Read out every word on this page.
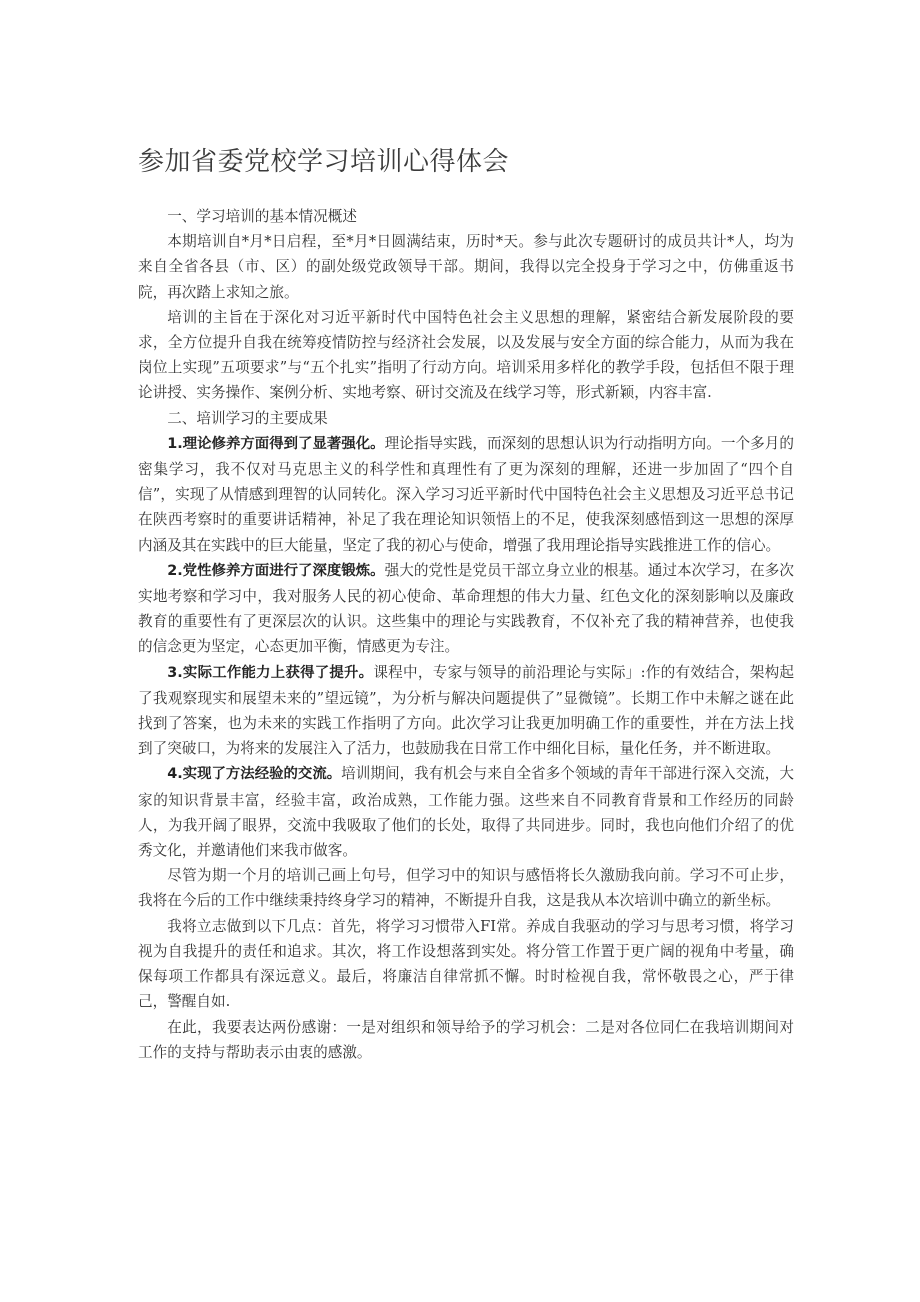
参加省委党校学习培训心得体会

一、学习培训的基本情况概述

本期培训自*月*日启程，至*月*日圆满结束，历时*天。参与此次专题研讨的成员共计*人，均为来自全省各县（市、区）的副处级党政领导干部。期间，我得以完全投身于学习之中，仿佛重返书院，再次踏上求知之旅。

培训的主旨在于深化对习近平新时代中国特色社会主义思想的理解，紧密结合新发展阶段的要求，全方位提升自我在统筹疫情防控与经济社会发展，以及发展与安全方面的综合能力，从而为我在岗位上实现”五项要求”与“五个扎实”指明了行动方向。培训采用多样化的教学手段，包括但不限于理论讲授、实务操作、案例分析、实地考察、研讨交流及在线学习等，形式新颖，内容丰富.

二、培训学习的主要成果

1.理论修养方面得到了显著强化。理论指导实践，而深刻的思想认识为行动指明方向。一个多月的密集学习，我不仅对马克思主义的科学性和真理性有了更为深刻的理解，还进一步加固了“四个自信”，实现了从情感到理智的认同转化。深入学习习近平新时代中国特色社会主义思想及习近平总书记在陕西考察时的重要讲话精神，补足了我在理论知识领悟上的不足，使我深刻感悟到这一思想的深厚内涵及其在实践中的巨大能量，坚定了我的初心与使命，增强了我用理论指导实践推进工作的信心。

2.党性修养方面进行了深度锻炼。强大的党性是党员干部立身立业的根基。通过本次学习，在多次实地考察和学习中，我对服务人民的初心使命、革命理想的伟大力量、红色文化的深刻影响以及廉政教育的重要性有了更深层次的认识。这些集中的理论与实践教育，不仅补充了我的精神营养，也使我的信念更为坚定，心态更加平衡，情感更为专注。

3.实际工作能力上获得了提升。课程中，专家与领导的前沿理论与实际」:作的有效结合，架构起了我观察现实和展望未来的”望远镜”，为分析与解决问题提供了”显微镜”。长期工作中未解之谜在此找到了答案，也为未来的实践工作指明了方向。此次学习让我更加明确工作的重要性，并在方法上找到了突破口，为将来的发展注入了活力，也鼓励我在日常工作中细化目标，量化任务，并不断进取。

4.实现了方法经验的交流。培训期间，我有机会与来自全省多个领域的青年干部进行深入交流，大家的知识背景丰富，经验丰富，政治成熟，工作能力强。这些来自不同教育背景和工作经历的同龄人，为我开阔了眼界，交流中我吸取了他们的长处，取得了共同进步。同时，我也向他们介绍了的优秀文化，并邀请他们来我市做客。

尽管为期一个月的培训己画上句号，但学习中的知识与感悟将长久激励我向前。学习不可止步，我将在今后的工作中继续秉持终身学习的精神，不断提升自我，这是我从本次培训中确立的新坐标。

我将立志做到以下几点：首先，将学习习惯带入FI常。养成自我驱动的学习与思考习惯，将学习视为自我提升的责任和追求。其次，将工作设想落到实处。将分管工作置于更广阔的视角中考量，确保每项工作都具有深远意义。最后，将廉洁自律常抓不懈。时时检视自我，常怀敬畏之心，严于律己，警醒自如.

在此，我要表达两份感谢：一是对组织和领导给予的学习机会：二是对各位同仁在我培训期间对工作的支持与帮助表示由衷的感激。
